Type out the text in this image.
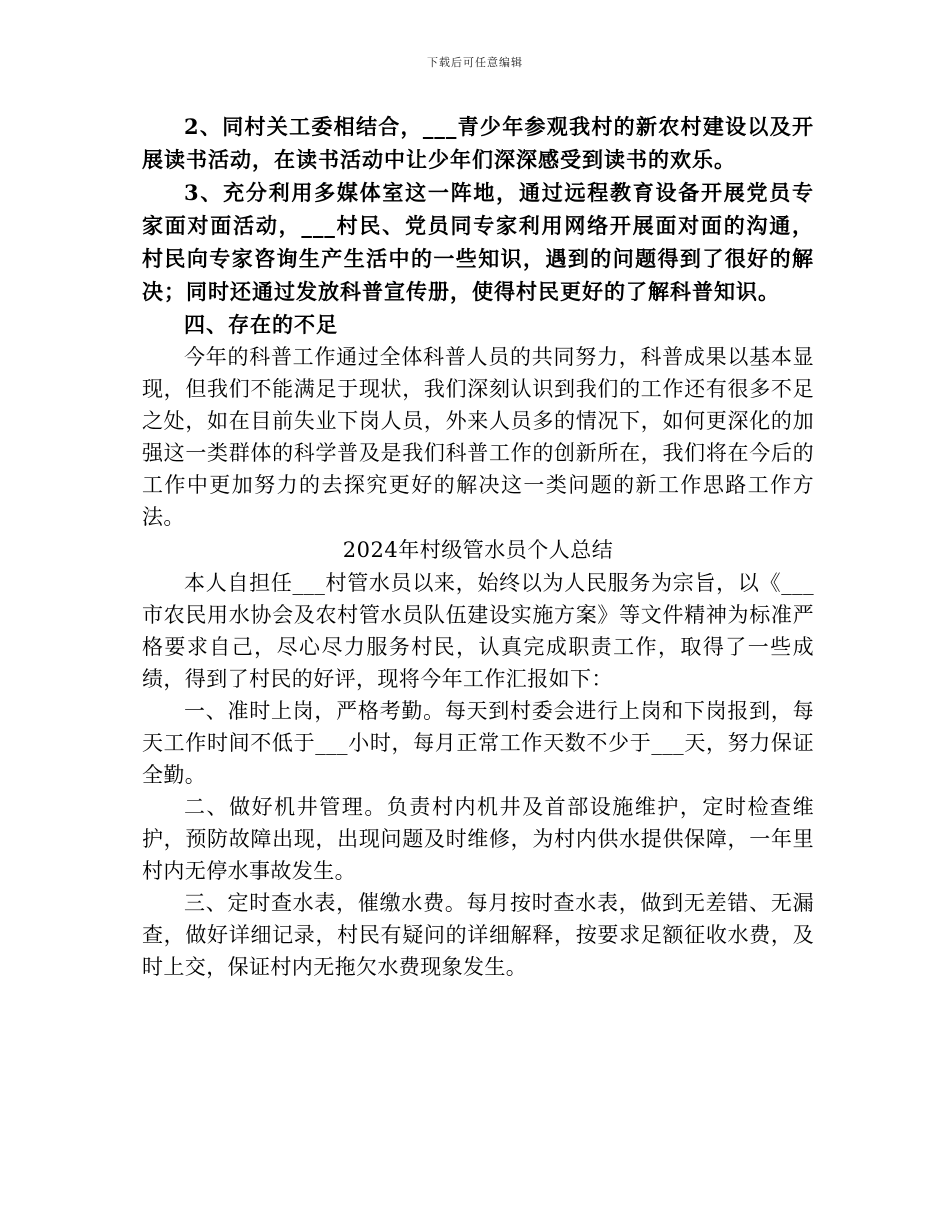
下载后可任意编辑

2、同村关工委相结合，___青少年参观我村的新农村建设以及开展读书活动，在读书活动中让少年们深深感受到读书的欢乐。

3、充分利用多媒体室这一阵地，通过远程教育设备开展党员专家面对面活动，___村民、党员同专家利用网络开展面对面的沟通，村民向专家咨询生产生活中的一些知识，遇到的问题得到了很好的解决；同时还通过发放科普宣传册，使得村民更好的了解科普知识。

四、存在的不足

今年的科普工作通过全体科普人员的共同努力，科普成果以基本显现，但我们不能满足于现状，我们深刻认识到我们的工作还有很多不足之处，如在目前失业下岗人员，外来人员多的情况下，如何更深化的加强这一类群体的科学普及是我们科普工作的创新所在，我们将在今后的工作中更加努力的去探究更好的解决这一类问题的新工作思路工作方法。

2024年村级管水员个人总结

本人自担任___村管水员以来，始终以为人民服务为宗旨，以《___市农民用水协会及农村管水员队伍建设实施方案》等文件精神为标准严格要求自己，尽心尽力服务村民，认真完成职责工作，取得了一些成绩，得到了村民的好评，现将今年工作汇报如下：

一、准时上岗，严格考勤。每天到村委会进行上岗和下岗报到，每天工作时间不低于___小时，每月正常工作天数不少于___天，努力保证全勤。

二、做好机井管理。负责村内机井及首部设施维护，定时检查维护，预防故障出现，出现问题及时维修，为村内供水提供保障，一年里村内无停水事故发生。

三、定时查水表，催缴水费。每月按时查水表，做到无差错、无漏查，做好详细记录，村民有疑问的详细解释，按要求足额征收水费，及时上交，保证村内无拖欠水费现象发生。
